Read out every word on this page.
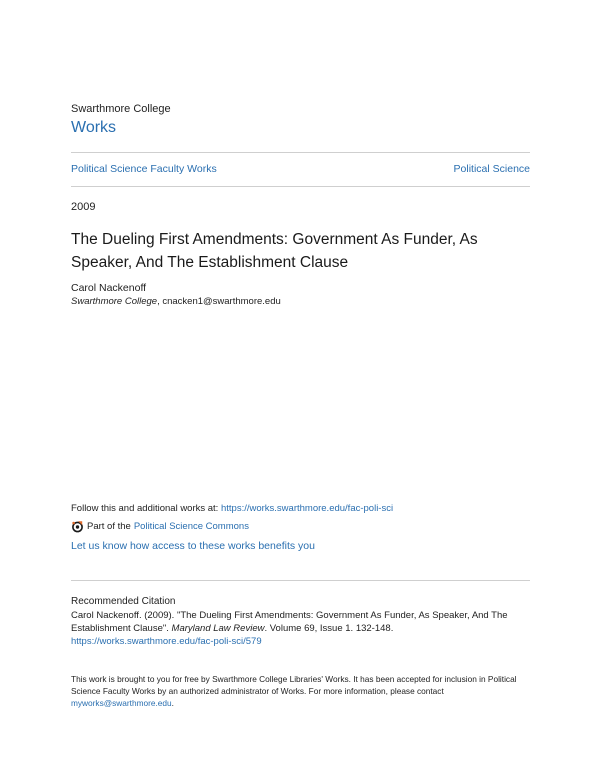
Swarthmore College
Works
Political Science Faculty Works	Political Science
2009
The Dueling First Amendments: Government As Funder, As Speaker, And The Establishment Clause
Carol Nackenoff
Swarthmore College, cnacken1@swarthmore.edu
Follow this and additional works at: https://works.swarthmore.edu/fac-poli-sci
Part of the Political Science Commons
Let us know how access to these works benefits you
Recommended Citation
Carol Nackenoff. (2009). "The Dueling First Amendments: Government As Funder, As Speaker, And The Establishment Clause". Maryland Law Review. Volume 69, Issue 1. 132-148.
https://works.swarthmore.edu/fac-poli-sci/579
This work is brought to you for free by Swarthmore College Libraries' Works. It has been accepted for inclusion in Political Science Faculty Works by an authorized administrator of Works. For more information, please contact myworks@swarthmore.edu.
